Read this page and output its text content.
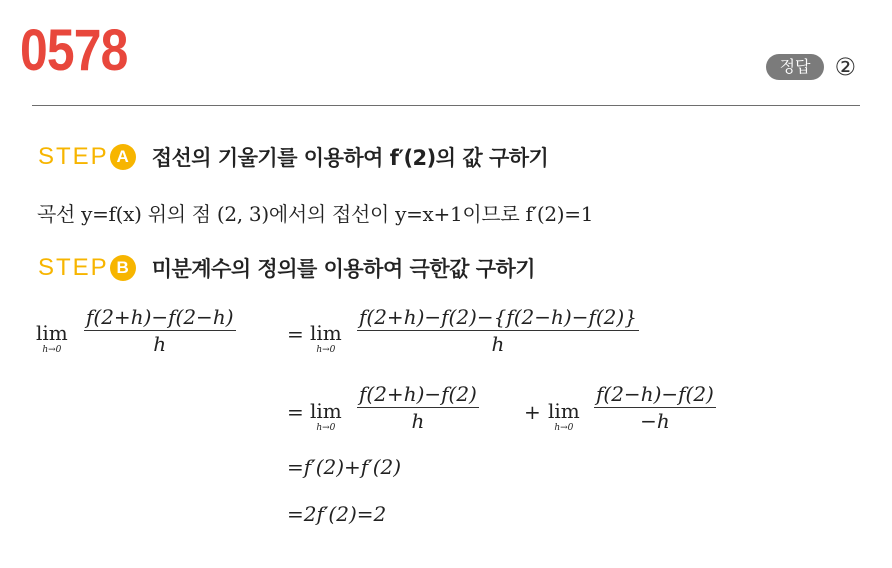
0578	정답	②
STEP A	접선의 기울기를 이용하여 f′(2)의 값 구하기
곡선 y=f(x) 위의 점 (2, 3)에서의 접선이 y=x+1이므로 f′(2)=1
STEP B	미분계수의 정의를 이용하여 극한값 구하기
lim
h→0
f(2+h)−f(2−h)
h	= lim
h→0
f(2+h)−f(2)−{f(2−h)−f(2)}
h
= lim
h→0
f(2+h)−f(2)
h	+ lim
h→0
f(2−h)−f(2)
−h
=f′(2)+f′(2)
=2f′(2)=2
